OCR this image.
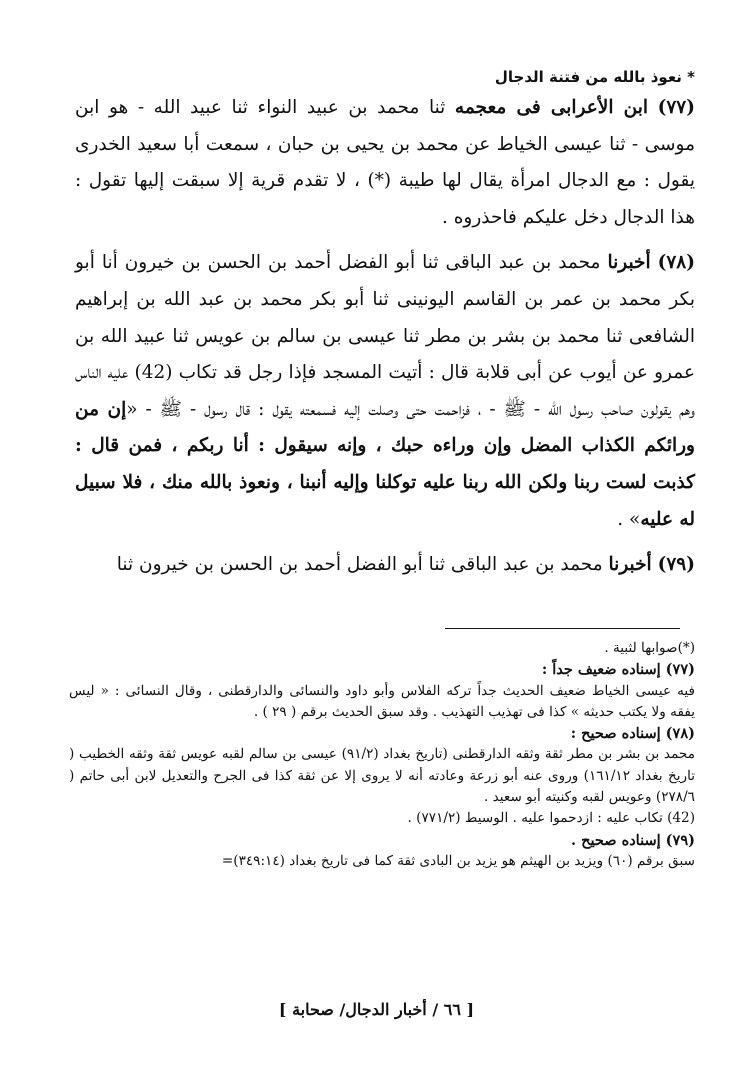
* نعوذ بالله من فتنة الدجال

(٧٧) ابن الأعرابى فى معجمه ثنا محمد بن عبيد النواء ثنا عبيد الله - هو ابن موسى - ثنا عيسى الخياط عن محمد بن يحيى بن حبان ، سمعت أبا سعيد الخدرى يقول : مع الدجال امرأة يقال لها طيبة (*) ، لا تقدم قرية إلا سبقت إليها تقول : هذا الدجال دخل عليكم فاحذروه .

(٧٨) أخبرنا محمد بن عبد الباقى ثنا أبو الفضل أحمد بن الحسن بن خيرون أنا أبو بكر محمد بن عمر بن القاسم اليونينى ثنا أبو بكر محمد بن عبد الله بن إبراهيم الشافعى ثنا محمد بن بشر بن مطر ثنا عيسى بن سالم بن عويس ثنا عبيد الله بن عمرو عن أيوب عن أبى قلابة قال : أتيت المسجد فإذا رجل قد تكاب (42) عليه الناس وهم يقولون صاحب رسول الله - ﷺ - ، فزاحمت حتى وصلت إليه فسمعته يقول : قال رسول - ﷺ - «إن من ورائكم الكذاب المضل وإن وراءه حبك ، وإنه سيقول : أنا ربكم ، فمن قال : كذبت لست ربنا ولكن الله ربنا عليه توكلنا وإليه أنبنا ، ونعوذ بالله منك ، فلا سبيل له عليه» .

(٧٩) أخبرنا محمد بن عبد الباقى ثنا أبو الفضل أحمد بن الحسن بن خيرون ثنا

(*)صوابها لثبية .

(٧٧) إسناده ضعيف جداً :

فيه عيسى الخياط ضعيف الحديث جداً تركه الفلاس وأبو داود والنسائى والدارقطنى ، وقال النسائى : « ليس يفقه ولا يكتب حديثه » كذا فى تهذيب التهذيب . وقد سبق الحديث برقم ( ٢٩ ) .

(٧٨) إسناده صحيح :

محمد بن بشر بن مطر ثقة وثقه الدارقطنى (تاريخ بغداد (٩١/٢) عيسى بن سالم لقبه عويس ثقة وثقه الخطيب ( تاريخ بغداد ١٦١/١٢) وروى عنه أبو زرعة وعادته أنه لا يروى إلا عن ثقة كذا فى الجرح والتعديل لابن أبى حاتم ( ٢٧٨/٦) وعويس لقبه وكنيته أبو سعيد .

(42) تكاب عليه : ازدحموا عليه . الوسيط (٧٧١/٢) .

(٧٩) إسناده صحيح .

سبق برقم (٦٠) ويزيد بن الهيثم هو يزيد بن البادى ثقة كما فى تاريخ بغداد (٣٤٩:١٤)=

[ ٦٦ / أخبار الدجال/ صحابة ]
